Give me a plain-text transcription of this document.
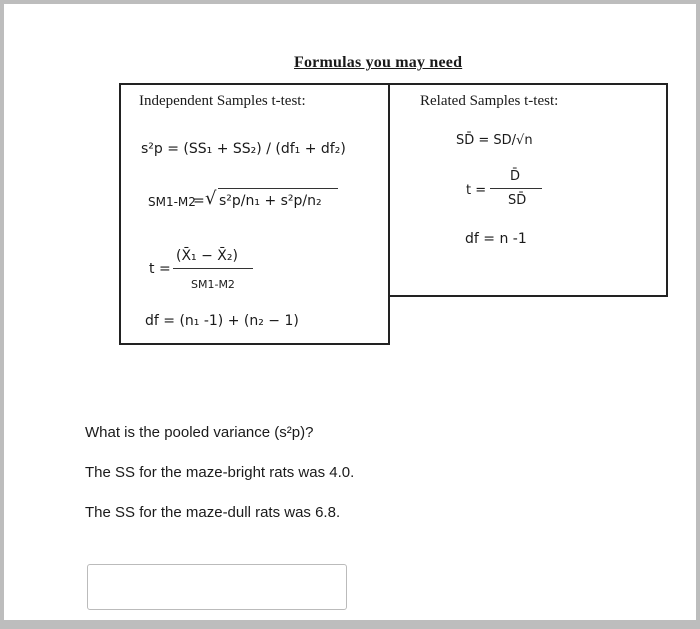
Formulas you may need
Independent Samples t-test:
s²p = (SS₁ + SS₂) / (df₁ + df₂)
SM1-M2
= √ s²p/n₁ + s²p/n₂
t =
(X̄₁ − X̄₂)
SM1-M2
df = (n₁ -1) + (n₂ − 1)
Related Samples t-test:
SD̄ = SD/√n
t =
D̄
SD̄
df = n -1
What is the pooled variance (s²p)?
The SS for the maze-bright rats was 4.0.
The SS for the maze-dull rats was 6.8.
